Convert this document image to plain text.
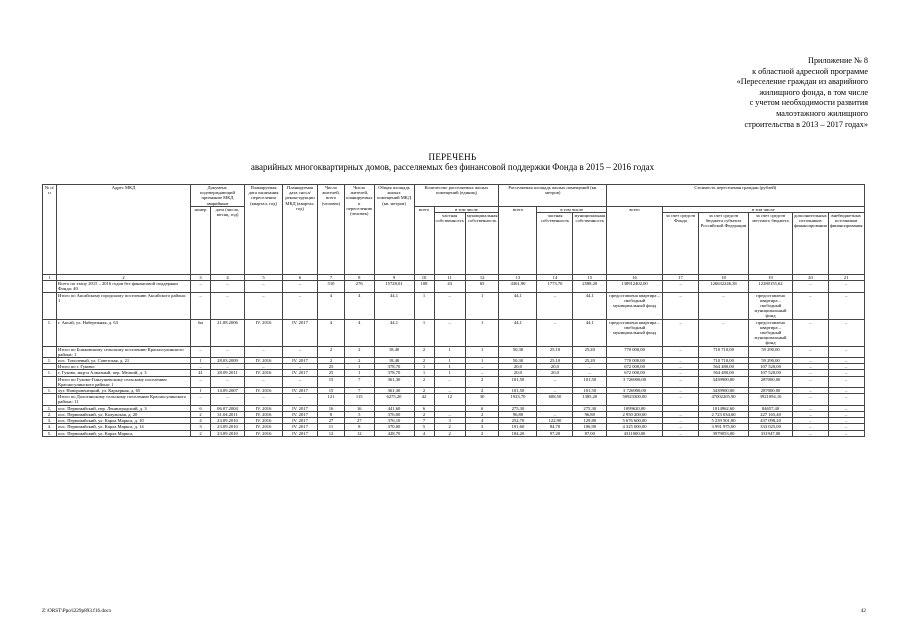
Приложение № 8
к областной адресной программе
«Переселение граждан из аварийного
жилищного фонда, в том числе
с учетом необходимости развития
малоэтажного жилищного
строительства в 2013 – 2017 годах»
ПЕРЕЧЕНЬ
аварийных многоквартирных домов, расселяемых без финансовой поддержки Фонда в 2015 – 2016 годах
№ п/п	Адрес МКД	Документ, подтверждающий признание МКД аварийным		Планируемая дата окончания переселения (квартал, год)	Планируемая дата сноса/ реконструкции МКД (квартал, год)	Число жителей, всего (человек)	Число жителей, планируемых к переселению (человек)	Общая площадь жилых помещений МКД (кв. метров)	Количество расселяемых жилых помещений (единиц)			Расселяемая площадь жилых помещений (кв. метров)			Стоимость переселения граждан (рублей)					
		номер	дата (число, месяц, год)						всего	в том числе		всего	в том числе		всего	в том числе				
										частная собственность	муниципальная собственность		частная собственность	муниципальная собственность		за счет средств Фонда	за счет средств бюджета субъекта Российской Федерации	за счет средств местного бюджета	дополнительных источников финансирования	внебюджетных источников финансирования
1	2	3	4	5	6	7	8	9	10	11	12	13	14	15	16	17	18	19	20	21
	Всего по этапу 2015 – 2016 годов без финансовой поддержки Фонда: 40	–	–	–	–	510	276	15728,01	108	43	65	4361,90	1773,70	2588,20	138912402,00	–	126632246,38	12280155,62	–	–
	Итого по Аксайскому городскому поселению Аксайского района: 1	–	–	–	–	4	4	44,1	1	–	1	44,1	–	44,1	предоставлена квартира – свободный муниципальный фонд	–	–	предоставлена квартира – свободный муниципальный фонд	–	–
1.	г. Аксай, ул. Набережная, д. 63	6н	21.08.2006	IV. 2016	IV. 2017	4	4	44,1	1	–	1	44,1	–	44,1	предоставлена квартира – свободный муниципальный фонд	–	–	предоставлена квартира – свободный муниципальный фонд	–	–
	Итого по Божковскому сельскому поселению Красносулинского района: 1	–	–	–	–	2	2	18,40	2	1	1	50,30	25,10	25,20	770 000,00	–	710 710,00	59 290,00	–	–
1.	пос. Тополевый, ул. Советская, д. 21	1	28.03.2009	IV. 2016	IV. 2017	2	2	18,40	2	1	1	50,30	25,10	25,20	770 000,00	–	710 710,00	59 290,00	–	–
	Итого по г. Гуково:	–	–	–	–	25	1	378,70	1	1	–	20,0	20,0	–	672 000,00	–	564 480,00	107 520,00	–	–
1.	г. Гуково, мкр-н Алмазный, пер. Мелкий, д. 3	41	28.09.2011	IV. 2016	IV. 2017	25	1	378,70	1	1	–	20,0	20,0	–	672 000,00	–	564 480,00	107 520,00	–	–
	Итого по Гуково-Гнилушевскому сельскому поселению Красносулинского района: 1	–	–	–	–	15	7	361,30	2	–	2	101,50	–	101,50	3 726900,00	–	3439900,00	287000,00	–	–
1.	хут. Новоровенецкий, ул. Карьерная, д. 65	1	14.09.2007	IV. 2016	IV. 2017	15	7	361,30	2	–	2	101,50	–	101,50	3 726900,00	–	3439900,00	287000,00	–	–
	Итого по Долотинскому сельскому поселению Красносулинского района: 11	–	–	–	–	121	115	6275,20	42	12	30	1923,70	608,50	1385,20	50923300,00	–	47002205,90	3921094,10	–	–
1.	пос. Первомайский, пер. Ленинградский, д. 3	6	06.07.2004	IV. 2016	IV. 2017	16	16	441,60	6		6	275,30		275,30	1099620,00		1014962,60	84657,40	–	–
2.	пос. Первомайский, ул. Калужская, д. 20	2	31.04.2011	IV. 2016	IV. 2017	8	5	376,00	2	–	2	96,80	–	96,80	2 950 200,00	–	2 723 034,60	227 165,40	–	–
3.	пос. Первомайский, ул. Карла Маркса, д. 10	4	23.09.2010	IV. 2016	IV. 2017	27	27	376,10	7	3	4	252,70	122,90	129,80	5 676 600,00	–	5 239 501,80	437 098,20	–	–
4.	пос. Первомайский, ул. Карла Маркса, д. 14	3	23.09.2010	IV. 2016	IV. 2017	11	8	370,00	5	2	3	191,60	84,70	106,90	4 325 000,00	–	3 991 975,00	333 025,00	–	–
5.	пос. Первомайский, ул. Карла Маркса,	2	23.09.2010	IV. 2016	IV. 2017	12	12	428,70	4	2	2	184,20	97,20	87,00	4311000,00	–	3979053,00	331947,00	–	–
Z:\ORST\Ppo\l229p893.f16.docx	42
